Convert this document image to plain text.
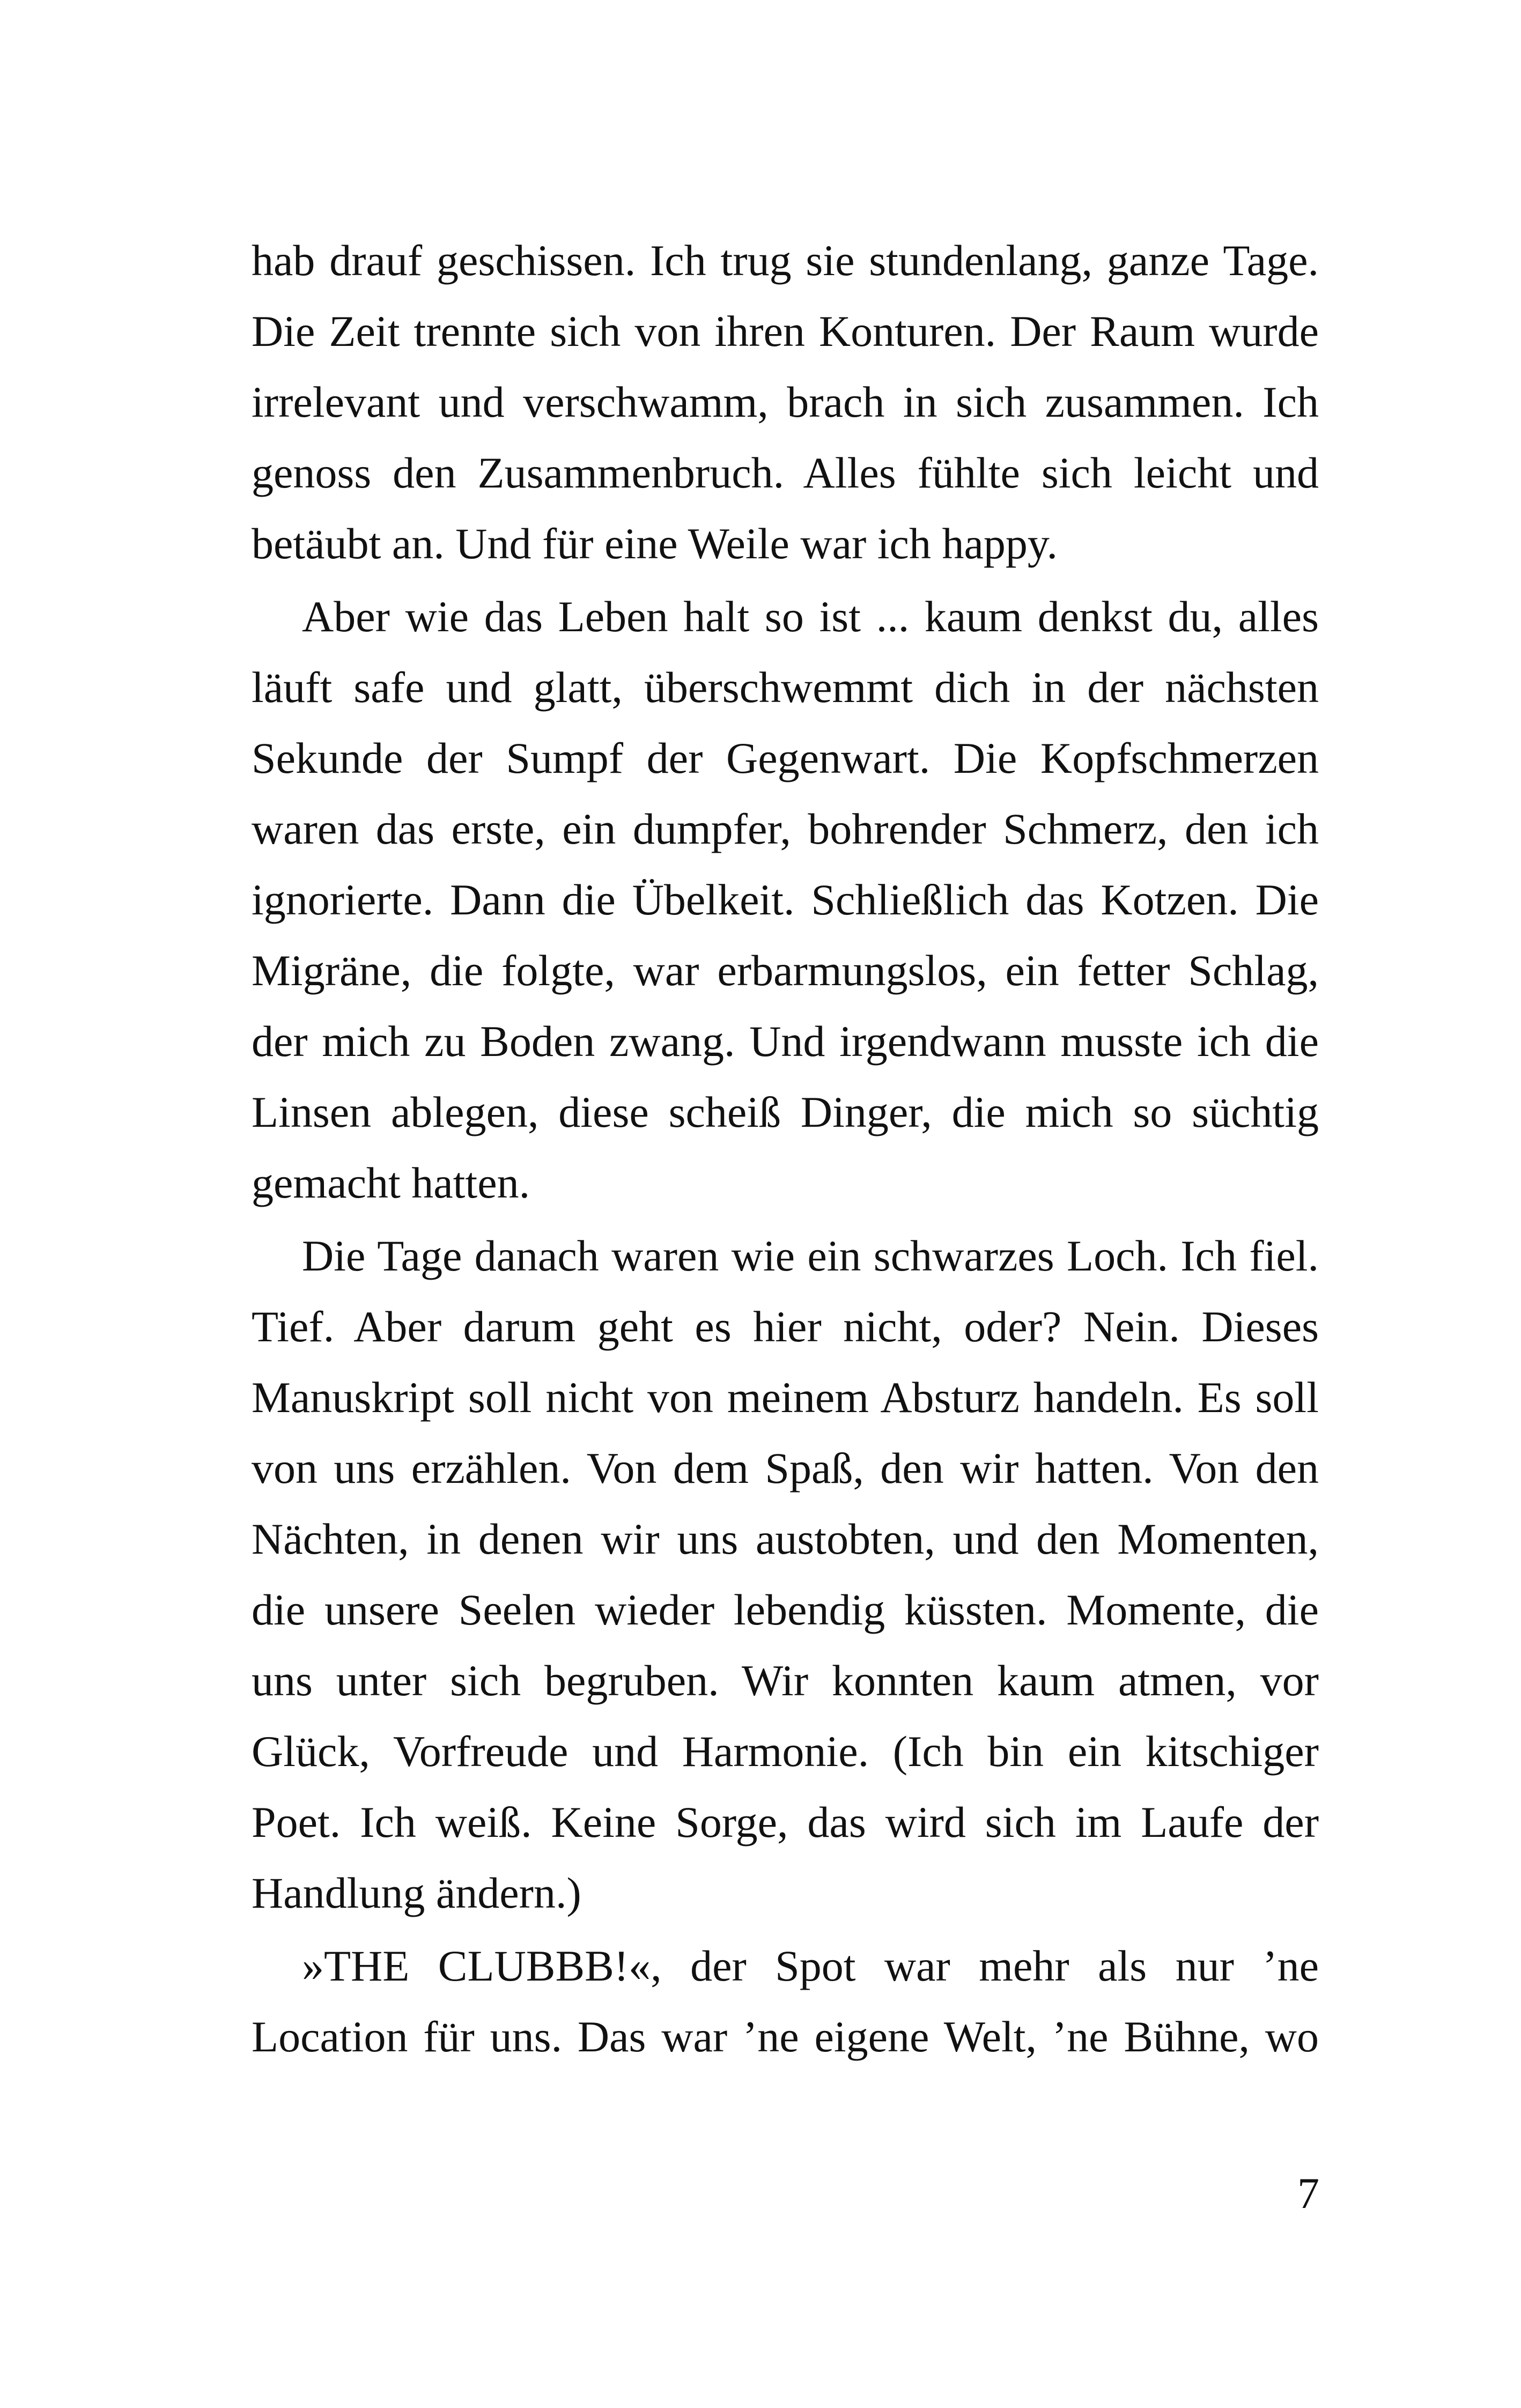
hab drauf geschissen. Ich trug sie stundenlang, ganze Tage.
Die Zeit trennte sich von ihren Konturen. Der Raum wurde
irrelevant und verschwamm, brach in sich zusammen. Ich
genoss den Zusammenbruch. Alles fühlte sich leicht und
betäubt an. Und für eine Weile war ich happy.
Aber wie das Leben halt so ist ... kaum denkst du, alles
läuft safe und glatt, überschwemmt dich in der nächsten
Sekunde der Sumpf der Gegenwart. Die Kopfschmerzen
waren das erste, ein dumpfer, bohrender Schmerz, den ich
ignorierte. Dann die Übelkeit. Schließlich das Kotzen. Die
Migräne, die folgte, war erbarmungslos, ein fetter Schlag,
der mich zu Boden zwang. Und irgendwann musste ich die
Linsen ablegen, diese scheiß Dinger, die mich so süchtig
gemacht hatten.
Die Tage danach waren wie ein schwarzes Loch. Ich fiel.
Tief. Aber darum geht es hier nicht, oder? Nein. Dieses
Manuskript soll nicht von meinem Absturz handeln. Es soll
von uns erzählen. Von dem Spaß, den wir hatten. Von den
Nächten, in denen wir uns austobten, und den Momenten,
die unsere Seelen wieder lebendig küssten. Momente, die
uns unter sich begruben. Wir konnten kaum atmen, vor
Glück, Vorfreude und Harmonie. (Ich bin ein kitschiger
Poet. Ich weiß. Keine Sorge, das wird sich im Laufe der
Handlung ändern.)
»THE CLUBBB!«, der Spot war mehr als nur ’ne
Location für uns. Das war ’ne eigene Welt, ’ne Bühne, wo
7
